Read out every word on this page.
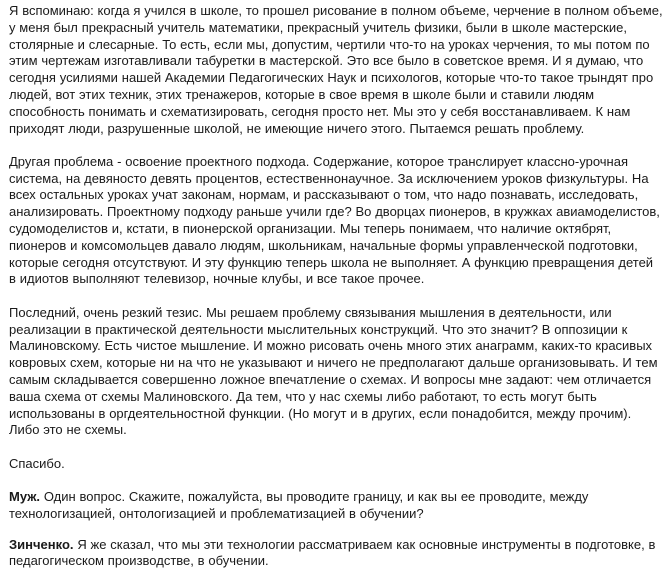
Я вспоминаю: когда я учился в школе, то прошел рисование в полном объеме, черчение в полном объеме, у меня был прекрасный учитель математики, прекрасный учитель физики, были в школе мастерские, столярные и слесарные. То есть, если мы, допустим, чертили что-то на уроках черчения, то мы потом по этим чертежам изготавливали табуретки в мастерской. Это все было в советское время. И я думаю, что сегодня усилиями нашей Академии Педагогических Наук и психологов, которые что-то такое трындят про людей, вот этих техник, этих тренажеров, которые в свое время в школе были и ставили людям способность понимать и схематизировать, сегодня просто нет. Мы это у себя восстанавливаем. К нам приходят люди, разрушенные школой, не имеющие ничего этого. Пытаемся решать проблему.

Другая проблема - освоение проектного подхода. Содержание, которое транслирует классно-урочная система, на девяносто девять процентов, естественнонаучное. За исключением уроков физкультуры. На всех остальных уроках учат законам, нормам, и рассказывают о том, что надо познавать, исследовать, анализировать. Проектному подходу раньше учили где? Во дворцах пионеров, в кружках авиамоделистов, судомоделистов и, кстати, в пионерской организации. Мы теперь понимаем, что наличие октябрят, пионеров и комсомольцев давало людям, школьникам, начальные формы управленческой подготовки, которые сегодня отсутствуют. И эту функцию теперь школа не выполняет. А функцию превращения детей в идиотов выполняют телевизор, ночные клубы, и все такое прочее.

Последний, очень резкий тезис. Мы решаем проблему связывания мышления в деятельности, или реализации в практической деятельности мыслительных конструкций. Что это значит? В оппозиции к Малиновскому. Есть чистое мышление. И можно рисовать очень много этих анаграмм, каких-то красивых ковровых схем, которые ни на что не указывают и ничего не предполагают дальше организовывать. И тем самым складывается совершенно ложное впечатление о схемах. И вопросы мне задают: чем отличается ваша схема от схемы Малиновского. Да тем, что у нас схемы либо работают, то есть могут быть использованы в оргдеятельностной функции. (Но могут и в других, если понадобится, между прочим). Либо это не схемы.

Спасибо.

Муж. Один вопрос. Скажите, пожалуйста, вы проводите границу, и как вы ее проводите, между технологизацией, онтологизацией и проблематизацией в обучении?

Зинченко. Я же сказал, что мы эти технологии рассматриваем как основные инструменты в подготовке, в педагогическом производстве, в обучении.
